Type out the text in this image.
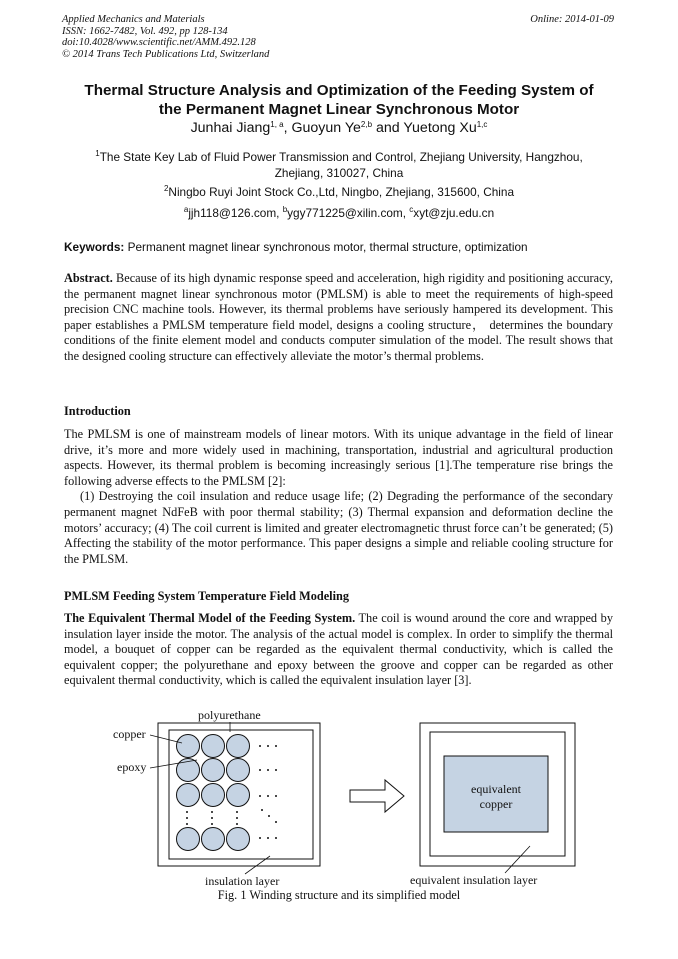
Applied Mechanics and Materials
ISSN: 1662-7482, Vol. 492, pp 128-134
doi:10.4028/www.scientific.net/AMM.492.128
© 2014 Trans Tech Publications Ltd, Switzerland
Online: 2014-01-09
Thermal Structure Analysis and Optimization of the Feeding System of
the Permanent Magnet Linear Synchronous Motor
Junhai Jiang$^{1, a}$, Guoyun Ye$^{2,b}$ and Yuetong Xu$^{1,c}$
$^1$The State Key Lab of Fluid Power Transmission and Control, Zhejiang University, Hangzhou,
Zhejiang, 310027, China
$^2$Ningbo Ruyi Joint Stock Co.,Ltd, Ningbo, Zhejiang, 315600, China
$^a$jjh118@126.com, $^b$ygy771225@xilin.com, $^c$xyt@zju.edu.cn
Keywords: Permanent magnet linear synchronous motor, thermal structure, optimization
Abstract. Because of its high dynamic response speed and acceleration, high rigidity and positioning accuracy, the permanent magnet linear synchronous motor (PMLSM) is able to meet the requirements of high-speed precision CNC machine tools. However, its thermal problems have seriously hampered its development. This paper establishes a PMLSM temperature field model, designs a cooling structure， determines the boundary conditions of the finite element model and conducts computer simulation of the model. The result shows that the designed cooling structure can effectively alleviate the motor’s thermal problems.
Introduction
The PMLSM is one of mainstream models of linear motors. With its unique advantage in the field of linear drive, it’s more and more widely used in machining, transportation, industrial and agricultural production aspects. However, its thermal problem is becoming increasingly serious [1].The temperature rise brings the following adverse effects to the PMLSM [2]:
(1) Destroying the coil insulation and reduce usage life; (2) Degrading the performance of the secondary permanent magnet NdFeB with poor thermal stability; (3) Thermal expansion and deformation decline the motors’ accuracy; (4) The coil current is limited and greater electromagnetic thrust force can’t be generated; (5) Affecting the stability of the motor performance. This paper designs a simple and reliable cooling structure for the PMLSM.
PMLSM Feeding System Temperature Field Modeling
The Equivalent Thermal Model of the Feeding System. The coil is wound around the core and wrapped by insulation layer inside the motor. The analysis of the actual model is complex. In order to simplify the thermal model, a bouquet of copper can be regarded as the equivalent thermal conductivity, which is called the equivalent copper; the polyurethane and epoxy between the groove and copper can be regarded as other equivalent thermal conductivity, which is called the equivalent insulation layer [3].
polyurethane
copper
epoxy
insulation layer
equivalent
copper
equivalent insulation layer
Fig. 1 Winding structure and its simplified model
